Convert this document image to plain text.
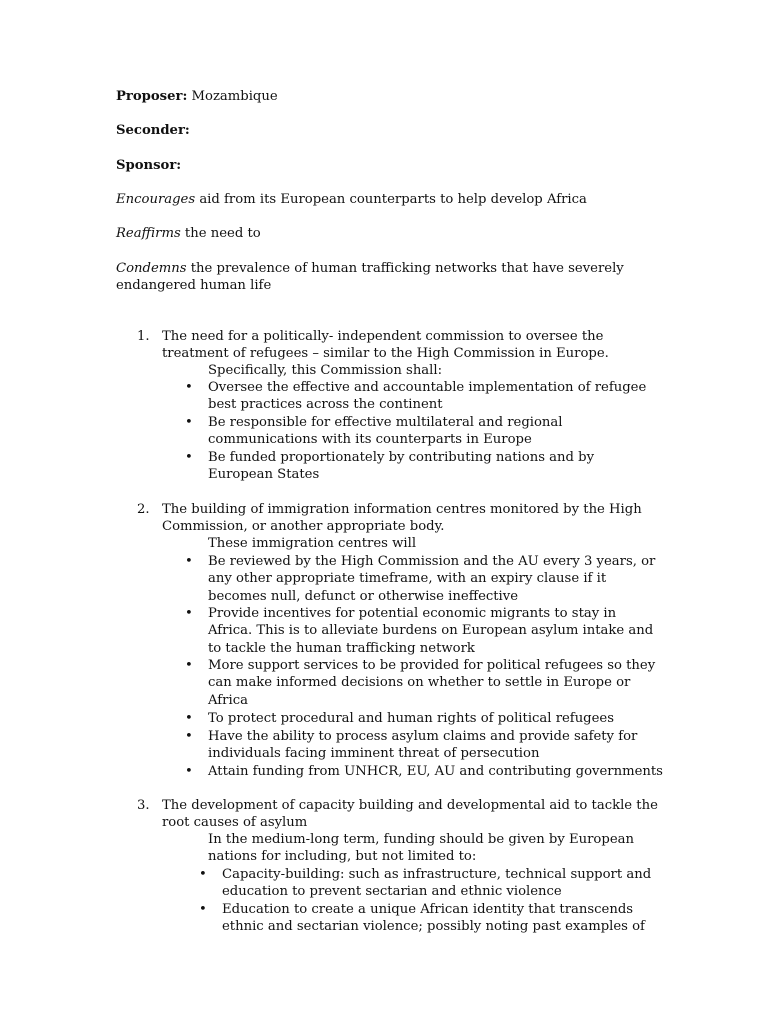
Proposer: Mozambique

Seconder:

Sponsor:

Encourages aid from its European counterparts to help develop Africa

Reaffirms the need to

Condemns the prevalence of human trafficking networks that have severely

endangered human life

1. The need for a politically- independent commission to oversee the
treatment of refugees – similar to the High Commission in Europe.
Specifically, this Commission shall:
• Oversee the effective and accountable implementation of refugee
best practices across the continent
• Be responsible for effective multilateral and regional
communications with its counterparts in Europe
• Be funded proportionately by contributing nations and by
European States
2. The building of immigration information centres monitored by the High
Commission, or another appropriate body.
These immigration centres will
• Be reviewed by the High Commission and the AU every 3 years, or
any other appropriate timeframe, with an expiry clause if it
becomes null, defunct or otherwise ineffective
• Provide incentives for potential economic migrants to stay in
Africa. This is to alleviate burdens on European asylum intake and
to tackle the human trafficking network
• More support services to be provided for political refugees so they
can make informed decisions on whether to settle in Europe or
Africa
• To protect procedural and human rights of political refugees
• Have the ability to process asylum claims and provide safety for
individuals facing imminent threat of persecution
• Attain funding from UNHCR, EU, AU and contributing governments
3. The development of capacity building and developmental aid to tackle the
root causes of asylum
In the medium-long term, funding should be given by European
nations for including, but not limited to:
• Capacity-building: such as infrastructure, technical support and
education to prevent sectarian and ethnic violence
• Education to create a unique African identity that transcends
ethnic and sectarian violence; possibly noting past examples of
